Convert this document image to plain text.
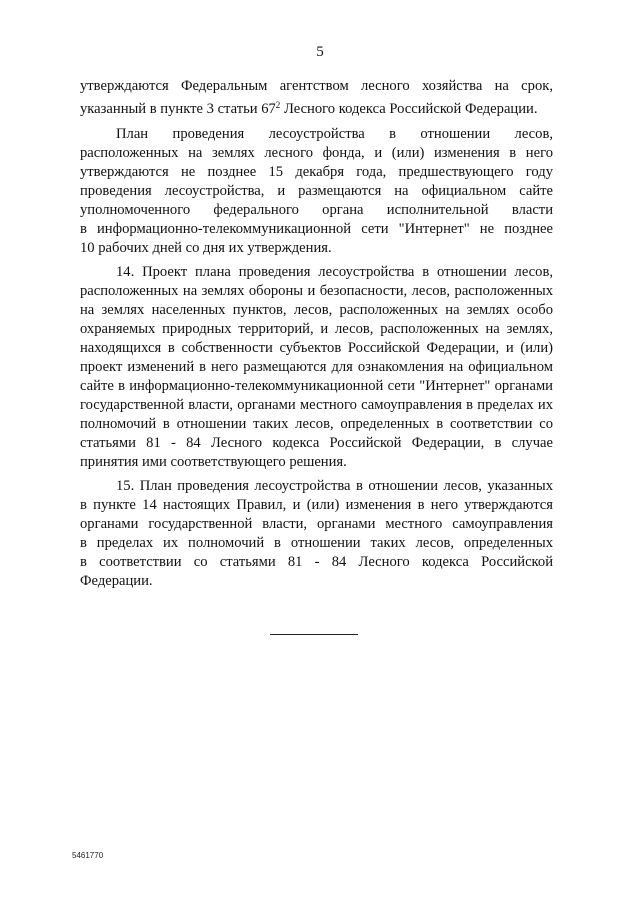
5
утверждаются Федеральным агентством лесного хозяйства на срок,
указанный в пункте 3 статьи $67^2$ Лесного кодекса Российской Федерации.
План проведения лесоустройства в отношении лесов,
расположенных на землях лесного фонда, и (или) изменения в него
утверждаются не позднее 15 декабря года, предшествующего году
проведения лесоустройства, и размещаются на официальном сайте
уполномоченного федерального органа исполнительной власти
в информационно-телекоммуникационной сети "Интернет" не позднее
10 рабочих дней со дня их утверждения.
14. Проект плана проведения лесоустройства в отношении лесов,
расположенных на землях обороны и безопасности, лесов, расположенных
на землях населенных пунктов, лесов, расположенных на землях особо
охраняемых природных территорий, и лесов, расположенных на землях,
находящихся в собственности субъектов Российской Федерации, и (или)
проект изменений в него размещаются для ознакомления на официальном
сайте в информационно-телекоммуникационной сети "Интернет" органами
государственной власти, органами местного самоуправления в пределах их
полномочий в отношении таких лесов, определенных в соответствии со
статьями 81 - 84 Лесного кодекса Российской Федерации, в случае
принятия ими соответствующего решения.
15. План проведения лесоустройства в отношении лесов, указанных
в пункте 14 настоящих Правил, и (или) изменения в него утверждаются
органами государственной власти, органами местного самоуправления
в пределах их полномочий в отношении таких лесов, определенных
в соответствии со статьями 81 - 84 Лесного кодекса Российской
Федерации.
5461770
